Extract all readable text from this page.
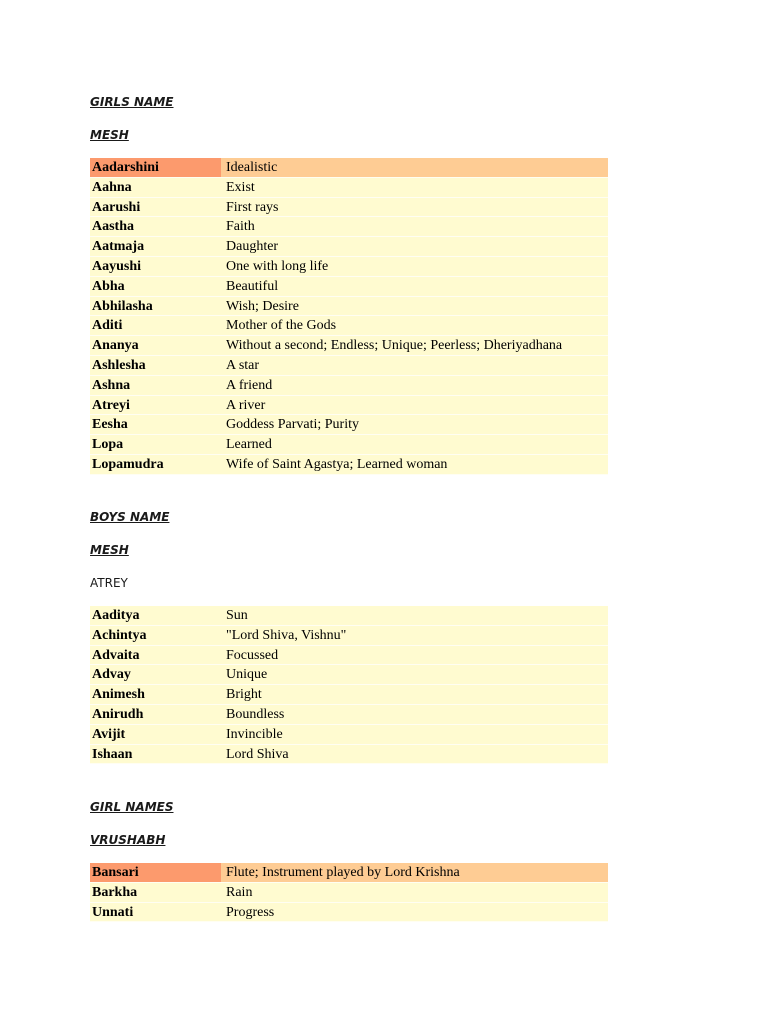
GIRLS NAME
MESH
Aadarshini	Idealistic
Aahna	Exist
Aarushi	First rays
Aastha	Faith
Aatmaja	Daughter
Aayushi	One with long life
Abha	Beautiful
Abhilasha	Wish; Desire
Aditi	Mother of the Gods
Ananya	Without a second; Endless; Unique; Peerless; Dheriyadhana
Ashlesha	A star
Ashna	A friend
Atreyi	A river
Eesha	Goddess Parvati; Purity
Lopa	Learned
Lopamudra	Wife of Saint Agastya; Learned woman
BOYS NAME
MESH
ATREY
Aaditya	Sun
Achintya	"Lord Shiva, Vishnu"
Advaita	Focussed
Advay	Unique
Animesh	Bright
Anirudh	Boundless
Avijit	Invincible
Ishaan	Lord Shiva
GIRL NAMES
VRUSHABH
Bansari	Flute; Instrument played by Lord Krishna
Barkha	Rain
Unnati	Progress
